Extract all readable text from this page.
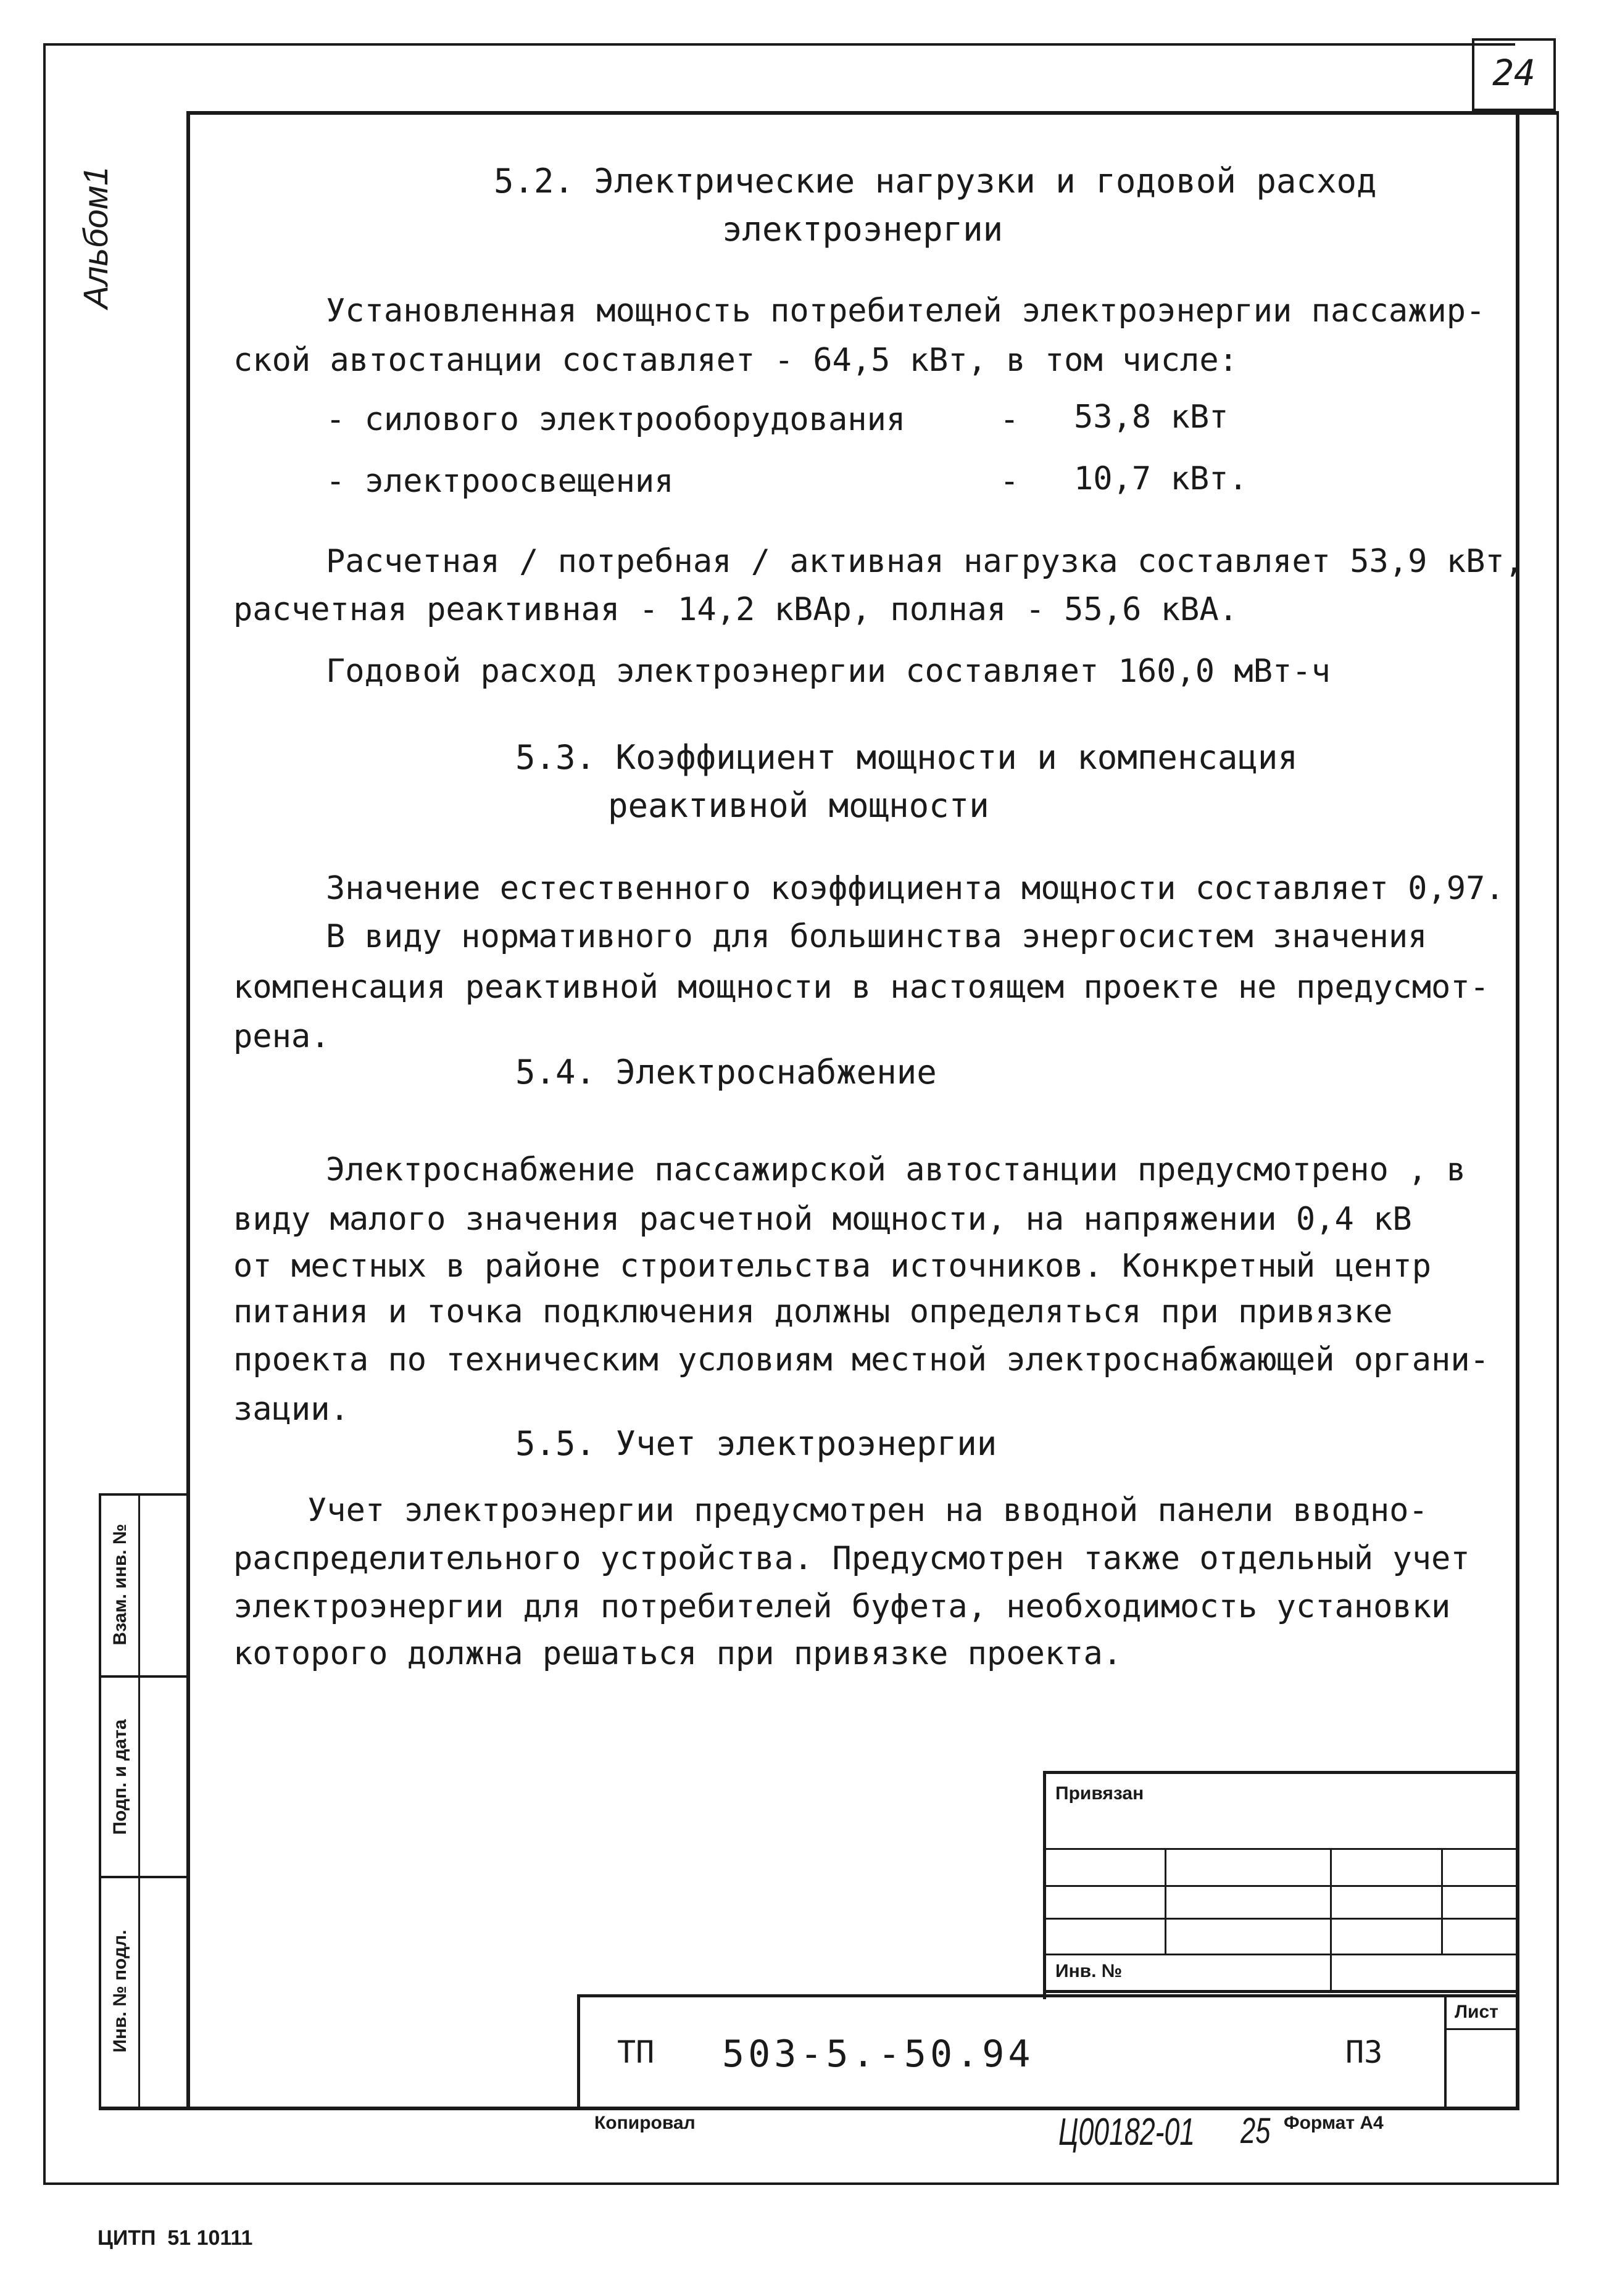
24
Альбом1
Взам. инв. №
Подп. и дата
Инв. № подл.
5.2. Электрические нагрузки и годовой расход
электроэнергии
Установленная мощность потребителей электроэнергии пассажир-
ской автостанции составляет - 64,5 кВт, в том числе:
- силового электрооборудования	- 53,8 кВт
- электроосвещения	- 10,7 кВт.
Расчетная / потребная / активная нагрузка составляет 53,9 кВт,
расчетная реактивная - 14,2 кВАр, полная - 55,6 кВА.
Годовой расход электроэнергии составляет 160,0 мВт-ч
5.3. Коэффициент мощности и компенсация
реактивной мощности
Значение естественного коэффициента мощности составляет 0,97.
В виду нормативного для большинства энергосистем значения
компенсация реактивной мощности в настоящем проекте не предусмот-
рена.
5.4. Электроснабжение
Электроснабжение пассажирской автостанции предусмотрено , в
виду малого значения расчетной мощности, на напряжении 0,4 кВ
от местных в районе строительства источников. Конкретный центр
питания и точка подключения должны определяться при привязке
проекта по техническим условиям местной электроснабжающей органи-
зации.
5.5. Учет электроэнергии
Учет электроэнергии предусмотрен на вводной панели вводно-
распределительного устройства. Предусмотрен также отдельный учет
электроэнергии для потребителей буфета, необходимость установки
которого должна решаться при привязке проекта.
Привязан
Инв. №
ТП 503-5.-50.94	ПЗ
Лист
Копировал	Ц00182-01 25 Формат А4
ЦИТП  51 10111
